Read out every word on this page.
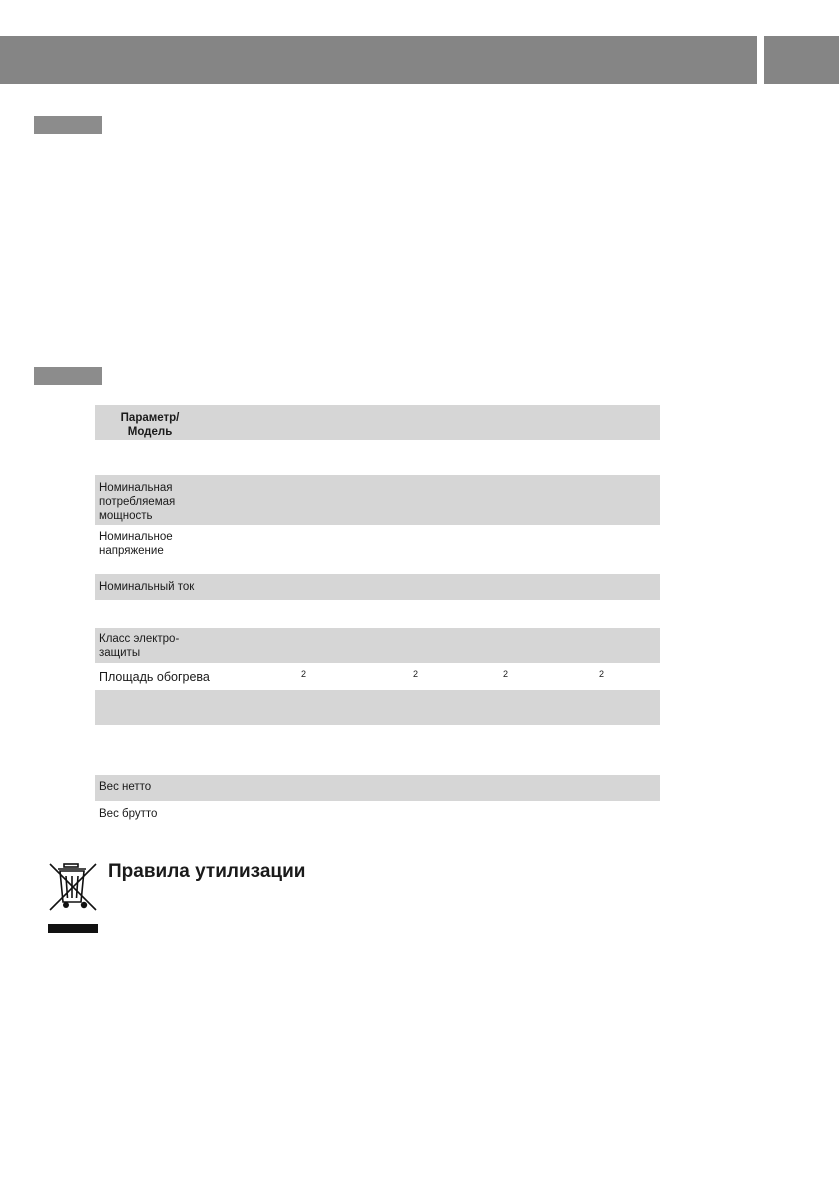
Параметр/
Модель
Номинальная
потребляемая
мощность
Номинальное
напряжение
Номинальный ток
Класс электро-
защиты
Площадь обогрева	2	2	2	2
Вес нетто
Вес брутто
Правила утилизации
